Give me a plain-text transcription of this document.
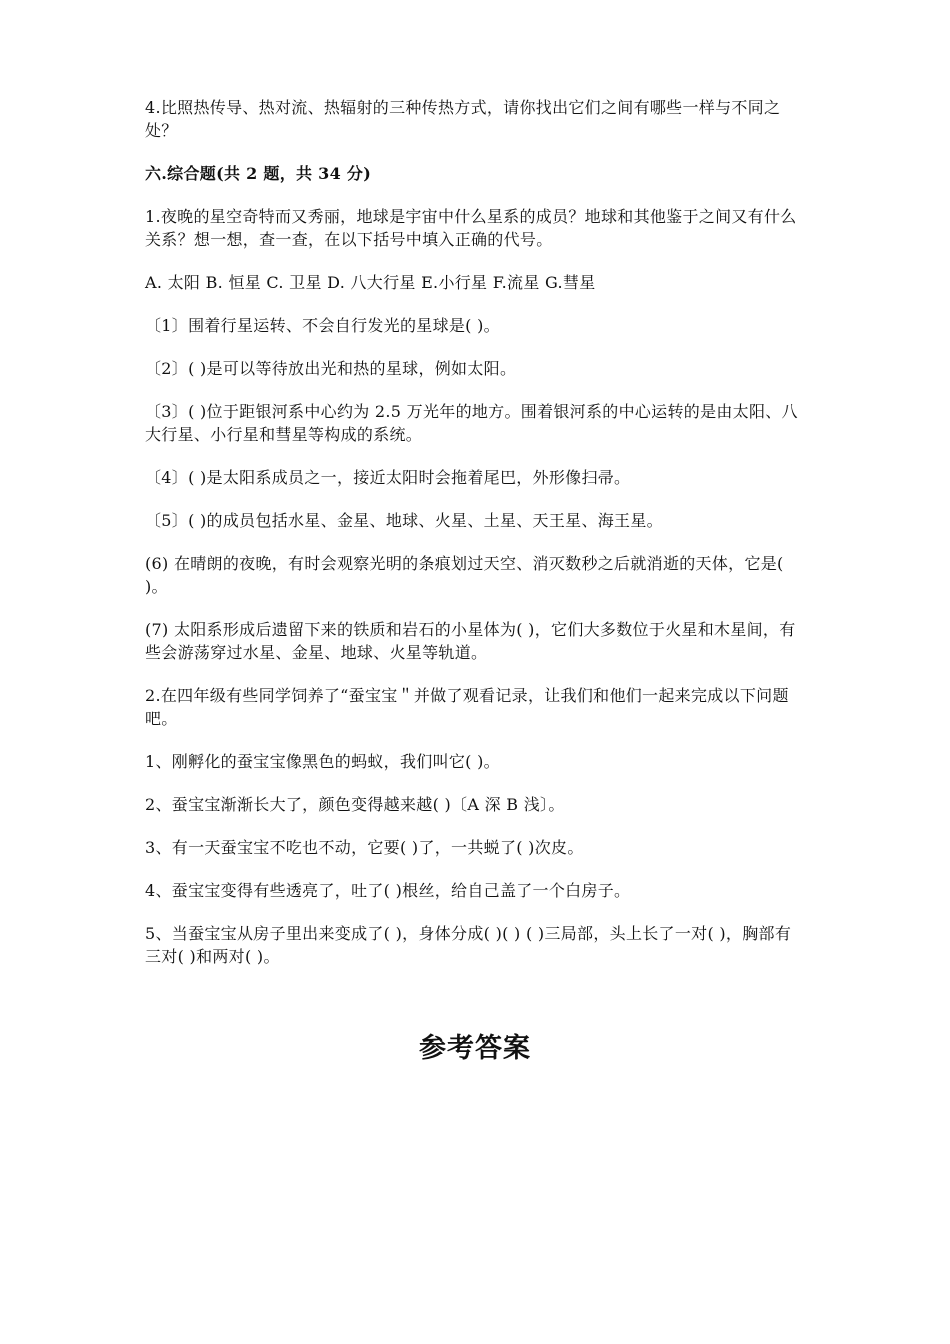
4.比照热传导、热对流、热辐射的三种传热方式，请你找出它们之间有哪些一样与不同之处？

六.综合题(共 2 题，共 34 分)

1.夜晚的星空奇特而又秀丽，地球是宇宙中什么星系的成员？地球和其他鉴于之间又有什么关系？想一想，查一查，在以下括号中填入正确的代号。

A. 太阳 B. 恒星 C. 卫星 D. 八大行星 E.小行星 F.流星 G.彗星

〔1〕围着行星运转、不会自行发光的星球是( )。

〔2〕( )是可以等待放出光和热的星球，例如太阳。

〔3〕( )位于距银河系中心约为 2.5 万光年的地方。围着银河系的中心运转的是由太阳、八大行星、小行星和彗星等构成的系统。

〔4〕( )是太阳系成员之一，接近太阳时会拖着尾巴，外形像扫帚。

〔5〕( )的成员包括水星、金星、地球、火星、土星、天王星、海王星。

(6) 在晴朗的夜晚，有时会观察光明的条痕划过天空、消灭数秒之后就消逝的天体，它是( )。

(7) 太阳系形成后遗留下来的铁质和岩石的小星体为( )，它们大多数位于火星和木星间，有些会游荡穿过水星、金星、地球、火星等轨道。

2.在四年级有些同学饲养了“蚕宝宝＂并做了观看记录，让我们和他们一起来完成以下问题吧。

1、刚孵化的蚕宝宝像黑色的蚂蚁，我们叫它( )。

2、蚕宝宝渐渐长大了，颜色变得越来越( )〔A 深 B 浅〕。

3、有一天蚕宝宝不吃也不动，它要( )了，一共蜕了( )次皮。

4、蚕宝宝变得有些透亮了，吐了( )根丝，给自己盖了一个白房子。

5、当蚕宝宝从房子里出来变成了( )，身体分成( )( ) ( )三局部，头上长了一对( )，胸部有三对( )和两对( )。

参考答案
